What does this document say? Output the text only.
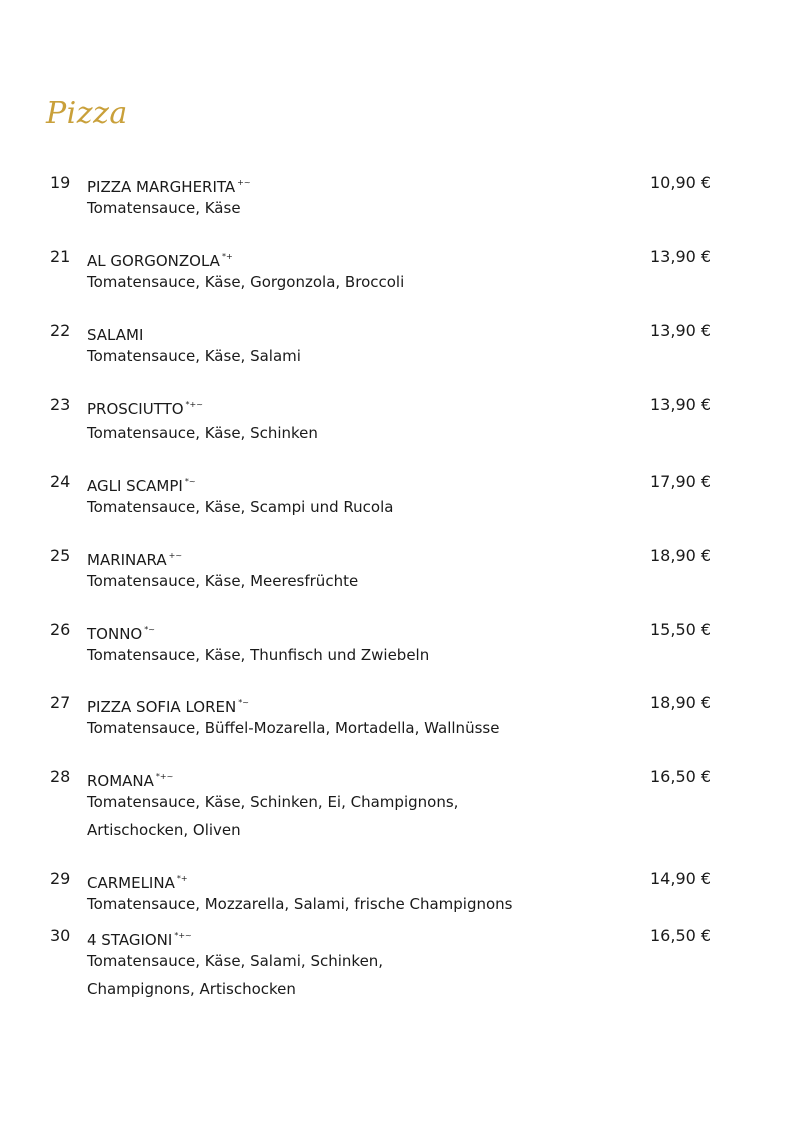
Pizza
19 PIZZA MARGHERITA +~	10,90 €
Tomatensauce, Käse
21 AL GORGONZOLA *+	13,90 €
Tomatensauce, Käse, Gorgonzola, Broccoli
22 SALAMI	13,90 €
Tomatensauce, Käse, Salami
23 PROSCIUTTO *+~	13,90 €
Tomatensauce, Käse, Schinken
24 AGLI SCAMPI *~	17,90 €
Tomatensauce, Käse, Scampi und Rucola
25 MARINARA +~	18,90 €
Tomatensauce, Käse, Meeresfrüchte
26 TONNO *~	15,50 €
Tomatensauce, Käse, Thunfisch und Zwiebeln
27 PIZZA SOFIA LOREN *~	18,90 €
Tomatensauce, Büffel-Mozarella, Mortadella, Wallnüsse
28 ROMANA *+~	16,50 €
Tomatensauce, Käse, Schinken, Ei, Champignons,
Artischocken, Oliven
29 CARMELINA *+	14,90 €
Tomatensauce, Mozzarella, Salami, frische Champignons
30 4 STAGIONI *+~	16,50 €
Tomatensauce, Käse, Salami, Schinken,
Champignons, Artischocken
